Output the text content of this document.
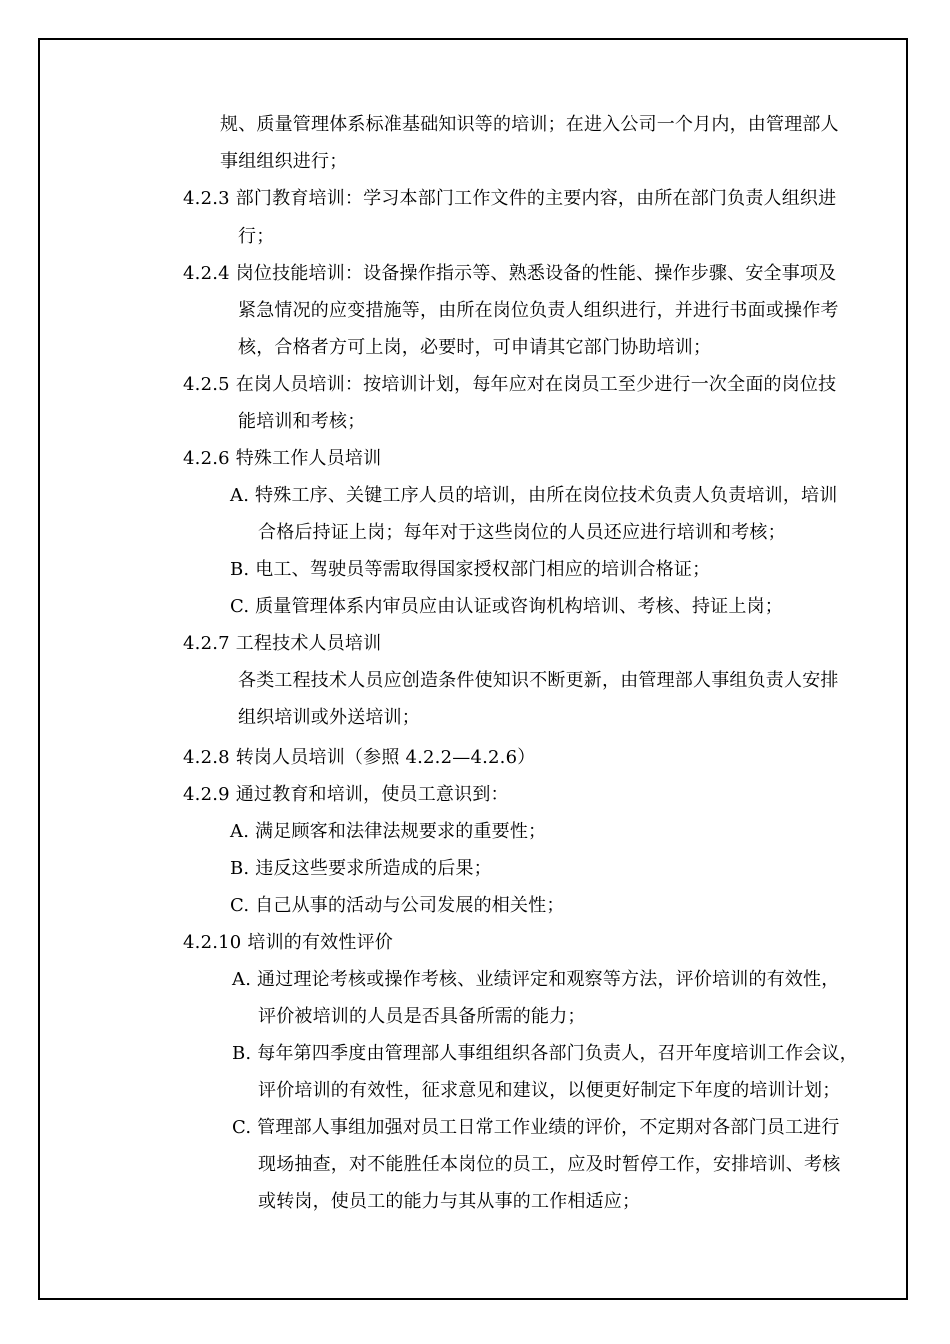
规、质量管理体系标准基础知识等的培训；在进入公司一个月内，由管理部人
事组组织进行；
4.2.3 部门教育培训：学习本部门工作文件的主要内容，由所在部门负责人组织进
行；
4.2.4 岗位技能培训：设备操作指示等、熟悉设备的性能、操作步骤、安全事项及
紧急情况的应变措施等，由所在岗位负责人组织进行，并进行书面或操作考
核，合格者方可上岗，必要时，可申请其它部门协助培训；
4.2.5 在岗人员培训：按培训计划，每年应对在岗员工至少进行一次全面的岗位技
能培训和考核；
4.2.6 特殊工作人员培训
A. 特殊工序、关键工序人员的培训，由所在岗位技术负责人负责培训，培训
合格后持证上岗；每年对于这些岗位的人员还应进行培训和考核；
B. 电工、驾驶员等需取得国家授权部门相应的培训合格证；
C. 质量管理体系内审员应由认证或咨询机构培训、考核、持证上岗；
4.2.7 工程技术人员培训
各类工程技术人员应创造条件使知识不断更新，由管理部人事组负责人安排
组织培训或外送培训；
4.2.8 转岗人员培训（参照 4.2.2—4.2.6）
4.2.9 通过教育和培训，使员工意识到：
A. 满足顾客和法律法规要求的重要性；
B. 违反这些要求所造成的后果；
C. 自己从事的活动与公司发展的相关性；
4.2.10 培训的有效性评价
A. 通过理论考核或操作考核、业绩评定和观察等方法，评价培训的有效性，
评价被培训的人员是否具备所需的能力；
B. 每年第四季度由管理部人事组组织各部门负责人，召开年度培训工作会议，
评价培训的有效性，征求意见和建议，以便更好制定下年度的培训计划；
C. 管理部人事组加强对员工日常工作业绩的评价，不定期对各部门员工进行
现场抽查，对不能胜任本岗位的员工，应及时暂停工作，安排培训、考核
或转岗，使员工的能力与其从事的工作相适应；
